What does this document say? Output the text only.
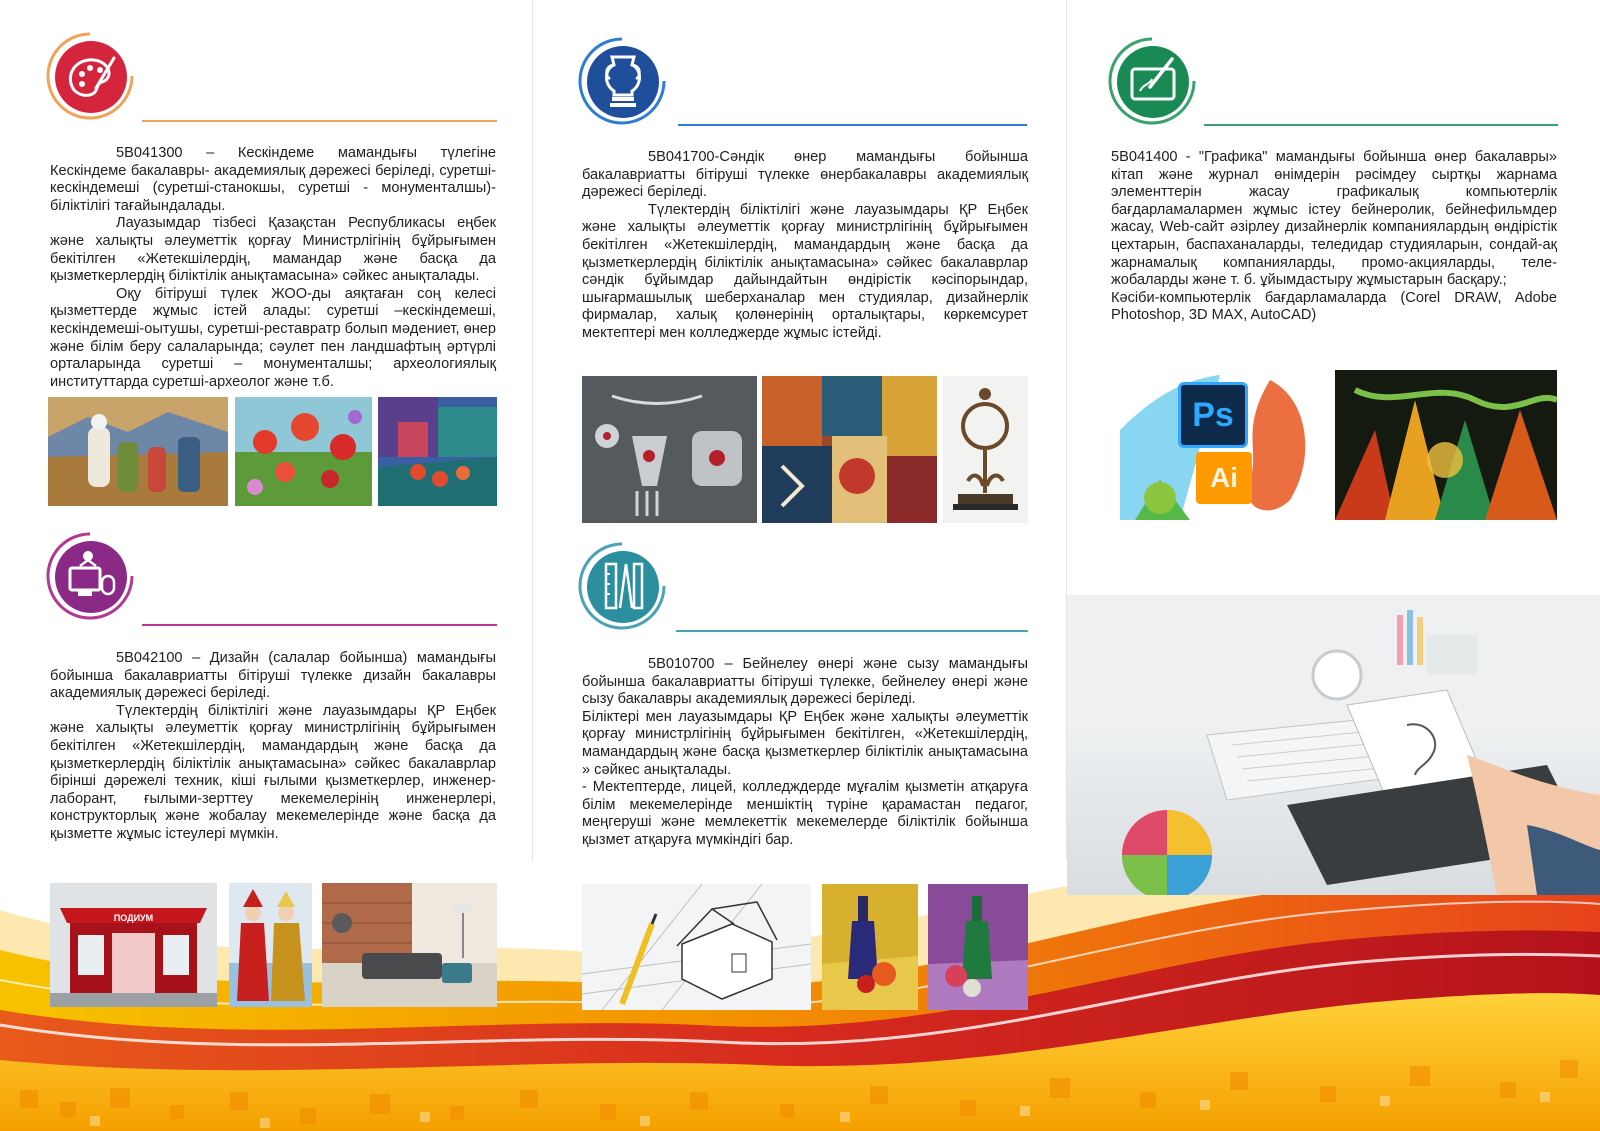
5В041300 – Кескіндеме мамандығы түлегіне Кескіндеме бакалавры- академиялық дәрежесі беріледі, суретші-кескіндемеші (суретші-станокшы, суретші - монументалшы)- біліктілігі тағайындалады.

Лауазымдар тізбесі Қазақстан Республикасы еңбек және халықты әлеуметтік қорғау Министрлігінің бұйрығымен бекітілген «Жетекшілердің, мамандар және басқа да қызметкерлердің біліктілік анықтамасына» сәйкес анықталады.

Оқу бітіруші түлек ЖОО-ды аяқтаған соң келесі қызметтерде жұмыс істей алады: суретші –кескіндемеші, кескіндемеші-оытушы, суретші-реставратр болып мәдениет, өнер және білім беру салаларында; сәулет пен ландшафтың әртүрлі орталарында суретші – монументалшы; археологиялық институттарда суретші-археолог және т.б.

5В041700-Сәндік өнер мамандығы бойынша бакалавриатты бітіруші түлекке өнербакалавры академиялық дәрежесі беріледі.

Түлектердің біліктілігі және лауазымдары ҚР Еңбек және халықты әлеуметтік қорғау министрлігінің бұйрығымен бекітілген «Жетекшілердің, мамандардың және басқа да қызметкерлердің біліктілік анықтамасына» сәйкес бакалаврлар сәндік бұйымдар дайындайтын өндірістік кәсіпорындар, шығармашылық шеберханалар мен студиялар, дизайнерлік фирмалар, халық қолөнерінің орталықтары, көркемсурет мектептері мен колледжерде жұмыс істейді.

5В041400 - "Графика" мамандығы бойынша өнер бакалавры» кітап және журнал өнімдерін рәсімдеу сыртқы жарнама элементтерін жасау графикалық компьютерлік бағдарламалармен жұмыс істеу бейнеролик, бейнефильмдер жасау, Web-сайт әзірлеу дизайнерлік компаниялардың өндірістік цехтарын, баспаханаларды, теледидар студияларын, сондай-ақ жарнамалық компанияларды, промо-акцияларды, теле-жобаларды және т. б. ұйымдастыру жұмыстарын басқару.;

Кәсіби-компьютерлік бағдарламаларда (Corel DRAW, Adobe Photoshop, 3D MAX, AutoCAD)

Ps
Ai

5В042100 – Дизайн (салалар бойынша) мамандығы бойынша бакалавриатты бітіруші түлекке дизайн бакалавры академиялық дәрежесі беріледі.

Түлектердің біліктілігі және лауазымдары ҚР Еңбек және халықты әлеуметтік қорғау министрлігінің бұйрығымен бекітілген «Жетекшілердің, мамандардың және басқа да қызметкерлердің біліктілік анықтамасына» сәйкес бакалаврлар бірінші дәрежелі техник, кіші ғылыми қызметкерлер, инженер-лаборант, ғылыми-зерттеу мекемелерінің инженерлері, конструкторлық және жобалау мекемелерінде және басқа да қызметте жұмыс істеулері мүмкін.

ПОДИУМ

5В010700 – Бейнелеу өнері және сызу мамандығы бойынша бакалавриатты бітіруші түлекке, бейнелеу өнері және сызу бакалавры академиялық дәрежесі беріледі.

Біліктері мен лауазымдары ҚР Еңбек және халықты әлеуметтік қорғау министрлігінің бұйрығымен бекітілген, «Жетекшілердің, мамандардың және басқа қызметкерлер біліктілік анықтамасына » сәйкес анықталады.

- Мектептерде, лицей, колледждерде мұғалім қызметін атқаруға білім мекемелерінде меншіктің түріне қарамастан педагог, меңгеруші және мемлекеттік мекемелерде біліктілік бойынша қызмет атқаруға мүмкіндігі бар.
